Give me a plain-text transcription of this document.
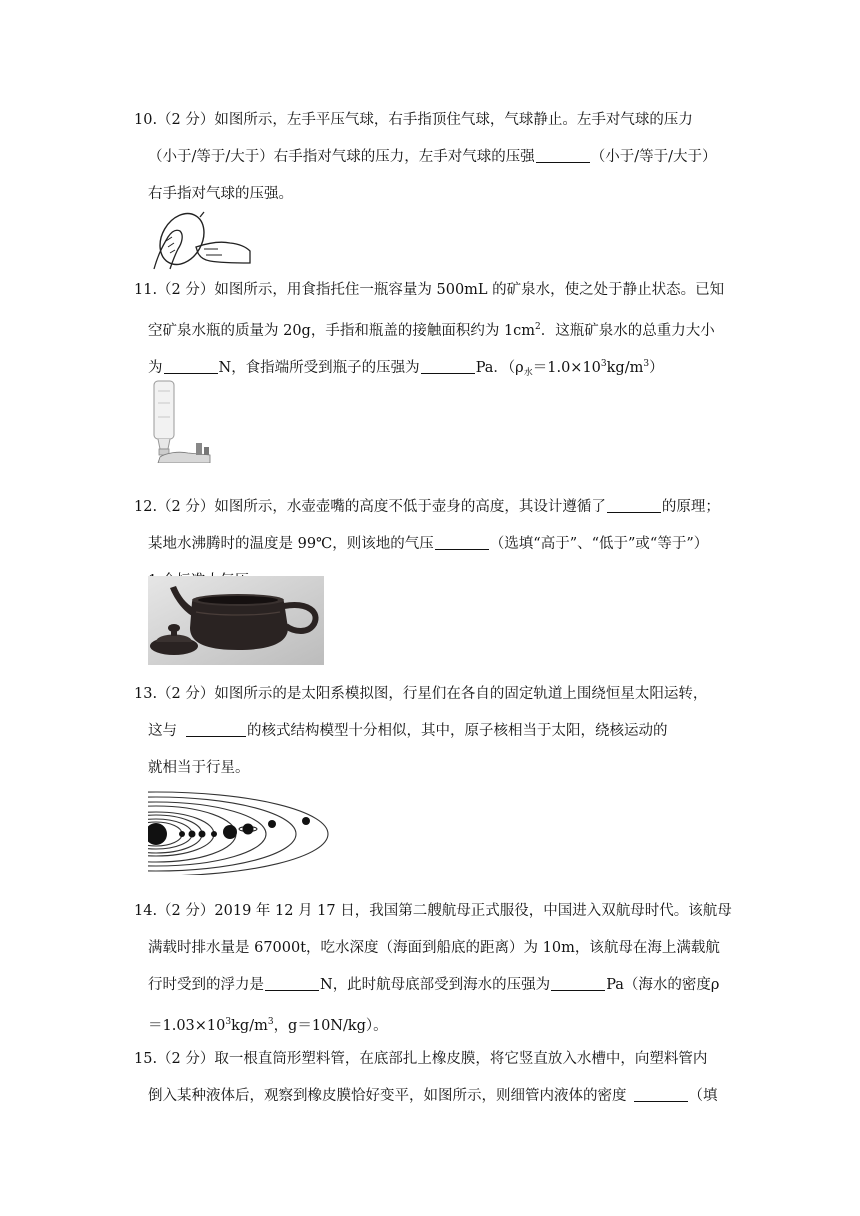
10.（2 分）如图所示，左手平压气球，右手指顶住气球，气球静止。左手对气球的压力
（小于/等于/大于）右手指对气球的压力，左手对气球的压强	（小于/等于/大于）
右手指对气球的压强。
11.（2 分）如图所示，用食指托住一瓶容量为 500mL 的矿泉水，使之处于静止状态。已知
空矿泉水瓶的质量为 20g，手指和瓶盖的接触面积约为 $1cm^2$．这瓶矿泉水的总重力大小
为	N，食指端所受到瓶子的压强为	Pa．$(\rho_水=1.0\times 10^3kg/m^3)$
12.（2 分）如图所示，水壶壶嘴的高度不低于壶身的高度，其设计遵循了	的原理；
某地水沸腾时的温度是 99℃，则该地的气压	（选填“高于”、“低于”或“等于”）
13.（2 分）如图所示的是太阳系模拟图，行星们在各自的固定轨道上围绕恒星太阳运转，
这与	的核式结构模型十分相似，其中，原子核相当于太阳，绕核运动的
就相当于行星。
14.（2 分）2019 年 12 月 17 日，我国第二艘航母正式服役，中国进入双航母时代。该航母
满载时排水量是 67000t，吃水深度（海面到船底的距离）为 10m，该航母在海上满载航
行时受到的浮力是	N，此时航母底部受到海水的压强为	Pa（海水的密度ρ
$=1.03\times 10^3kg/m^3$，g＝10N/kg）。
15.（2 分）取一根直筒形塑料管，在底部扎上橡皮膜，将它竖直放入水槽中，向塑料管内
倒入某种液体后，观察到橡皮膜恰好变平，如图所示，则细管内液体的密度	（填
